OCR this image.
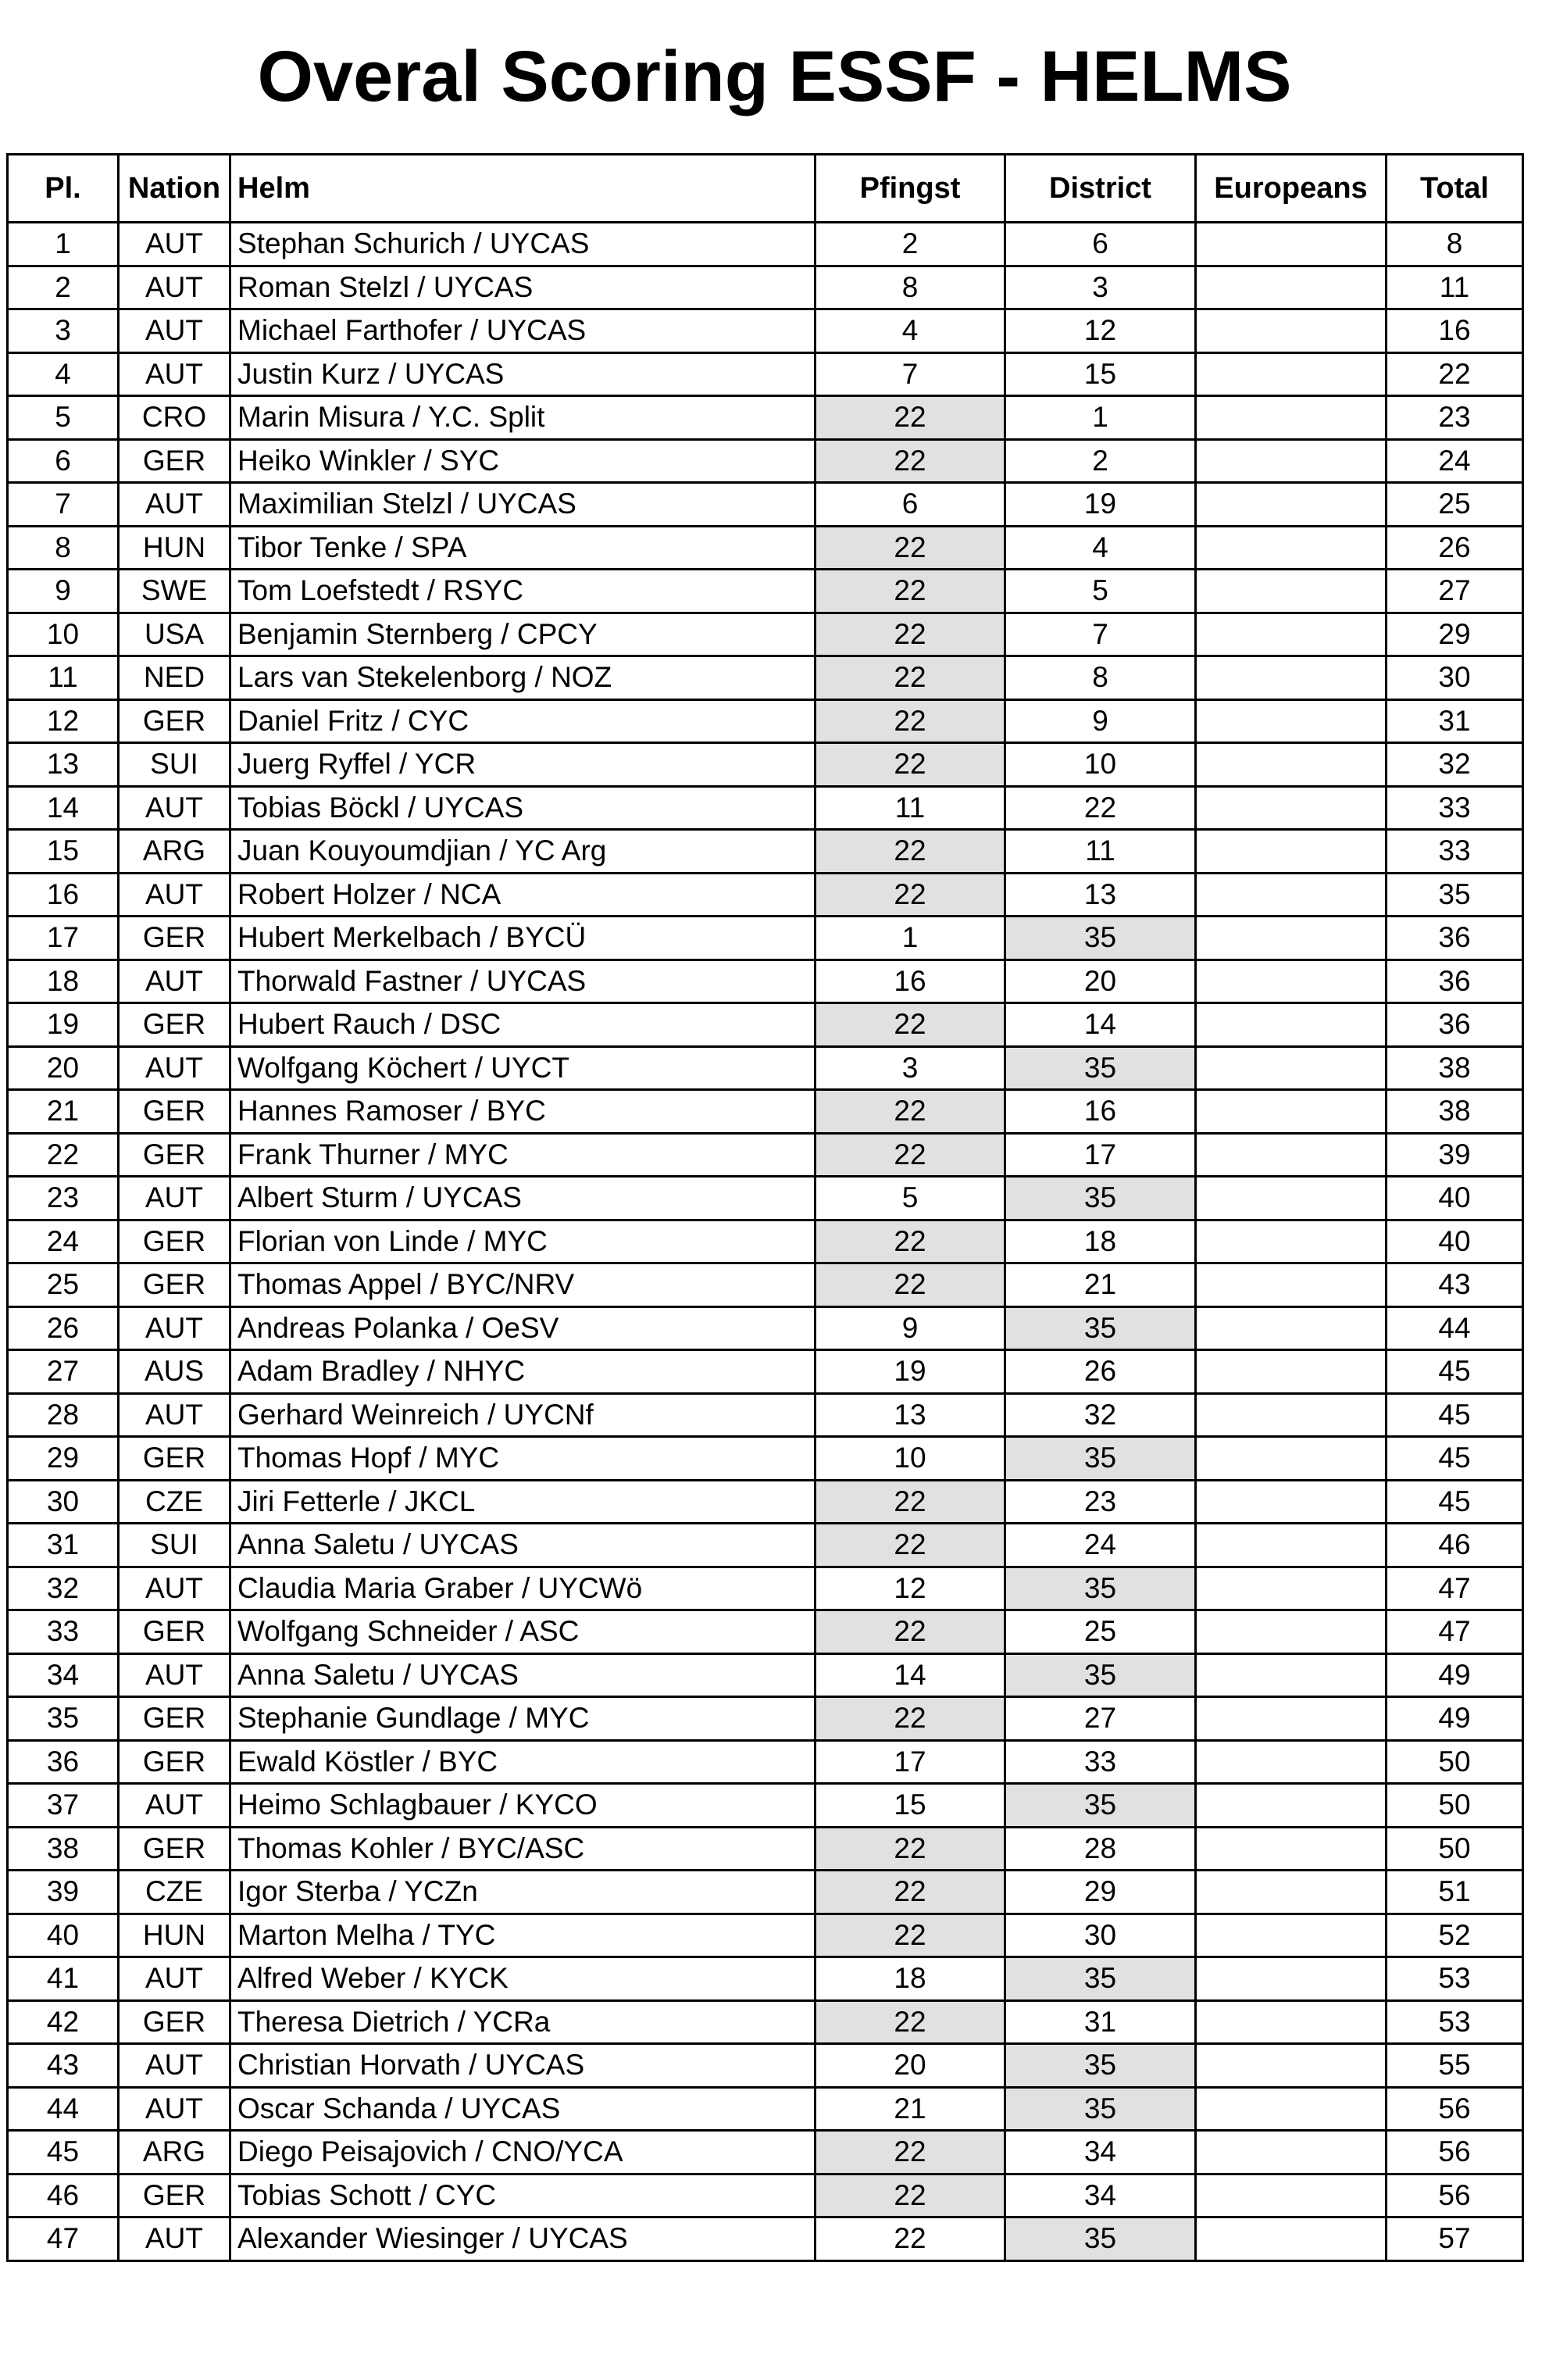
Overal Scoring ESSF - HELMS
Pl.	Nation	Helm	Pfingst	District	Europeans	Total
1	AUT	Stephan Schurich / UYCAS	2	6		8
2	AUT	Roman Stelzl / UYCAS	8	3		11
3	AUT	Michael Farthofer / UYCAS	4	12		16
4	AUT	Justin Kurz / UYCAS	7	15		22
5	CRO	Marin Misura / Y.C. Split	22	1		23
6	GER	Heiko Winkler / SYC	22	2		24
7	AUT	Maximilian Stelzl / UYCAS	6	19		25
8	HUN	Tibor Tenke / SPA	22	4		26
9	SWE	Tom Loefstedt / RSYC	22	5		27
10	USA	Benjamin Sternberg / CPCY	22	7		29
11	NED	Lars van Stekelenborg / NOZ	22	8		30
12	GER	Daniel Fritz / CYC	22	9		31
13	SUI	Juerg Ryffel / YCR	22	10		32
14	AUT	Tobias Böckl / UYCAS	11	22		33
15	ARG	Juan Kouyoumdjian / YC Arg	22	11		33
16	AUT	Robert Holzer / NCA	22	13		35
17	GER	Hubert Merkelbach / BYCÜ	1	35		36
18	AUT	Thorwald Fastner / UYCAS	16	20		36
19	GER	Hubert Rauch / DSC	22	14		36
20	AUT	Wolfgang Köchert / UYCT	3	35		38
21	GER	Hannes Ramoser / BYC	22	16		38
22	GER	Frank Thurner / MYC	22	17		39
23	AUT	Albert Sturm / UYCAS	5	35		40
24	GER	Florian von Linde / MYC	22	18		40
25	GER	Thomas Appel / BYC/NRV	22	21		43
26	AUT	Andreas Polanka / OeSV	9	35		44
27	AUS	Adam Bradley / NHYC	19	26		45
28	AUT	Gerhard Weinreich / UYCNf	13	32		45
29	GER	Thomas Hopf / MYC	10	35		45
30	CZE	Jiri Fetterle / JKCL	22	23		45
31	SUI	Anna Saletu / UYCAS	22	24		46
32	AUT	Claudia Maria Graber / UYCWö	12	35		47
33	GER	Wolfgang Schneider / ASC	22	25		47
34	AUT	Anna Saletu / UYCAS	14	35		49
35	GER	Stephanie Gundlage / MYC	22	27		49
36	GER	Ewald Köstler / BYC	17	33		50
37	AUT	Heimo Schlagbauer / KYCO	15	35		50
38	GER	Thomas Kohler / BYC/ASC	22	28		50
39	CZE	Igor Sterba / YCZn	22	29		51
40	HUN	Marton Melha / TYC	22	30		52
41	AUT	Alfred Weber / KYCK	18	35		53
42	GER	Theresa Dietrich / YCRa	22	31		53
43	AUT	Christian Horvath / UYCAS	20	35		55
44	AUT	Oscar Schanda / UYCAS	21	35		56
45	ARG	Diego Peisajovich / CNO/YCA	22	34		56
46	GER	Tobias Schott / CYC	22	34		56
47	AUT	Alexander Wiesinger / UYCAS	22	35		57
